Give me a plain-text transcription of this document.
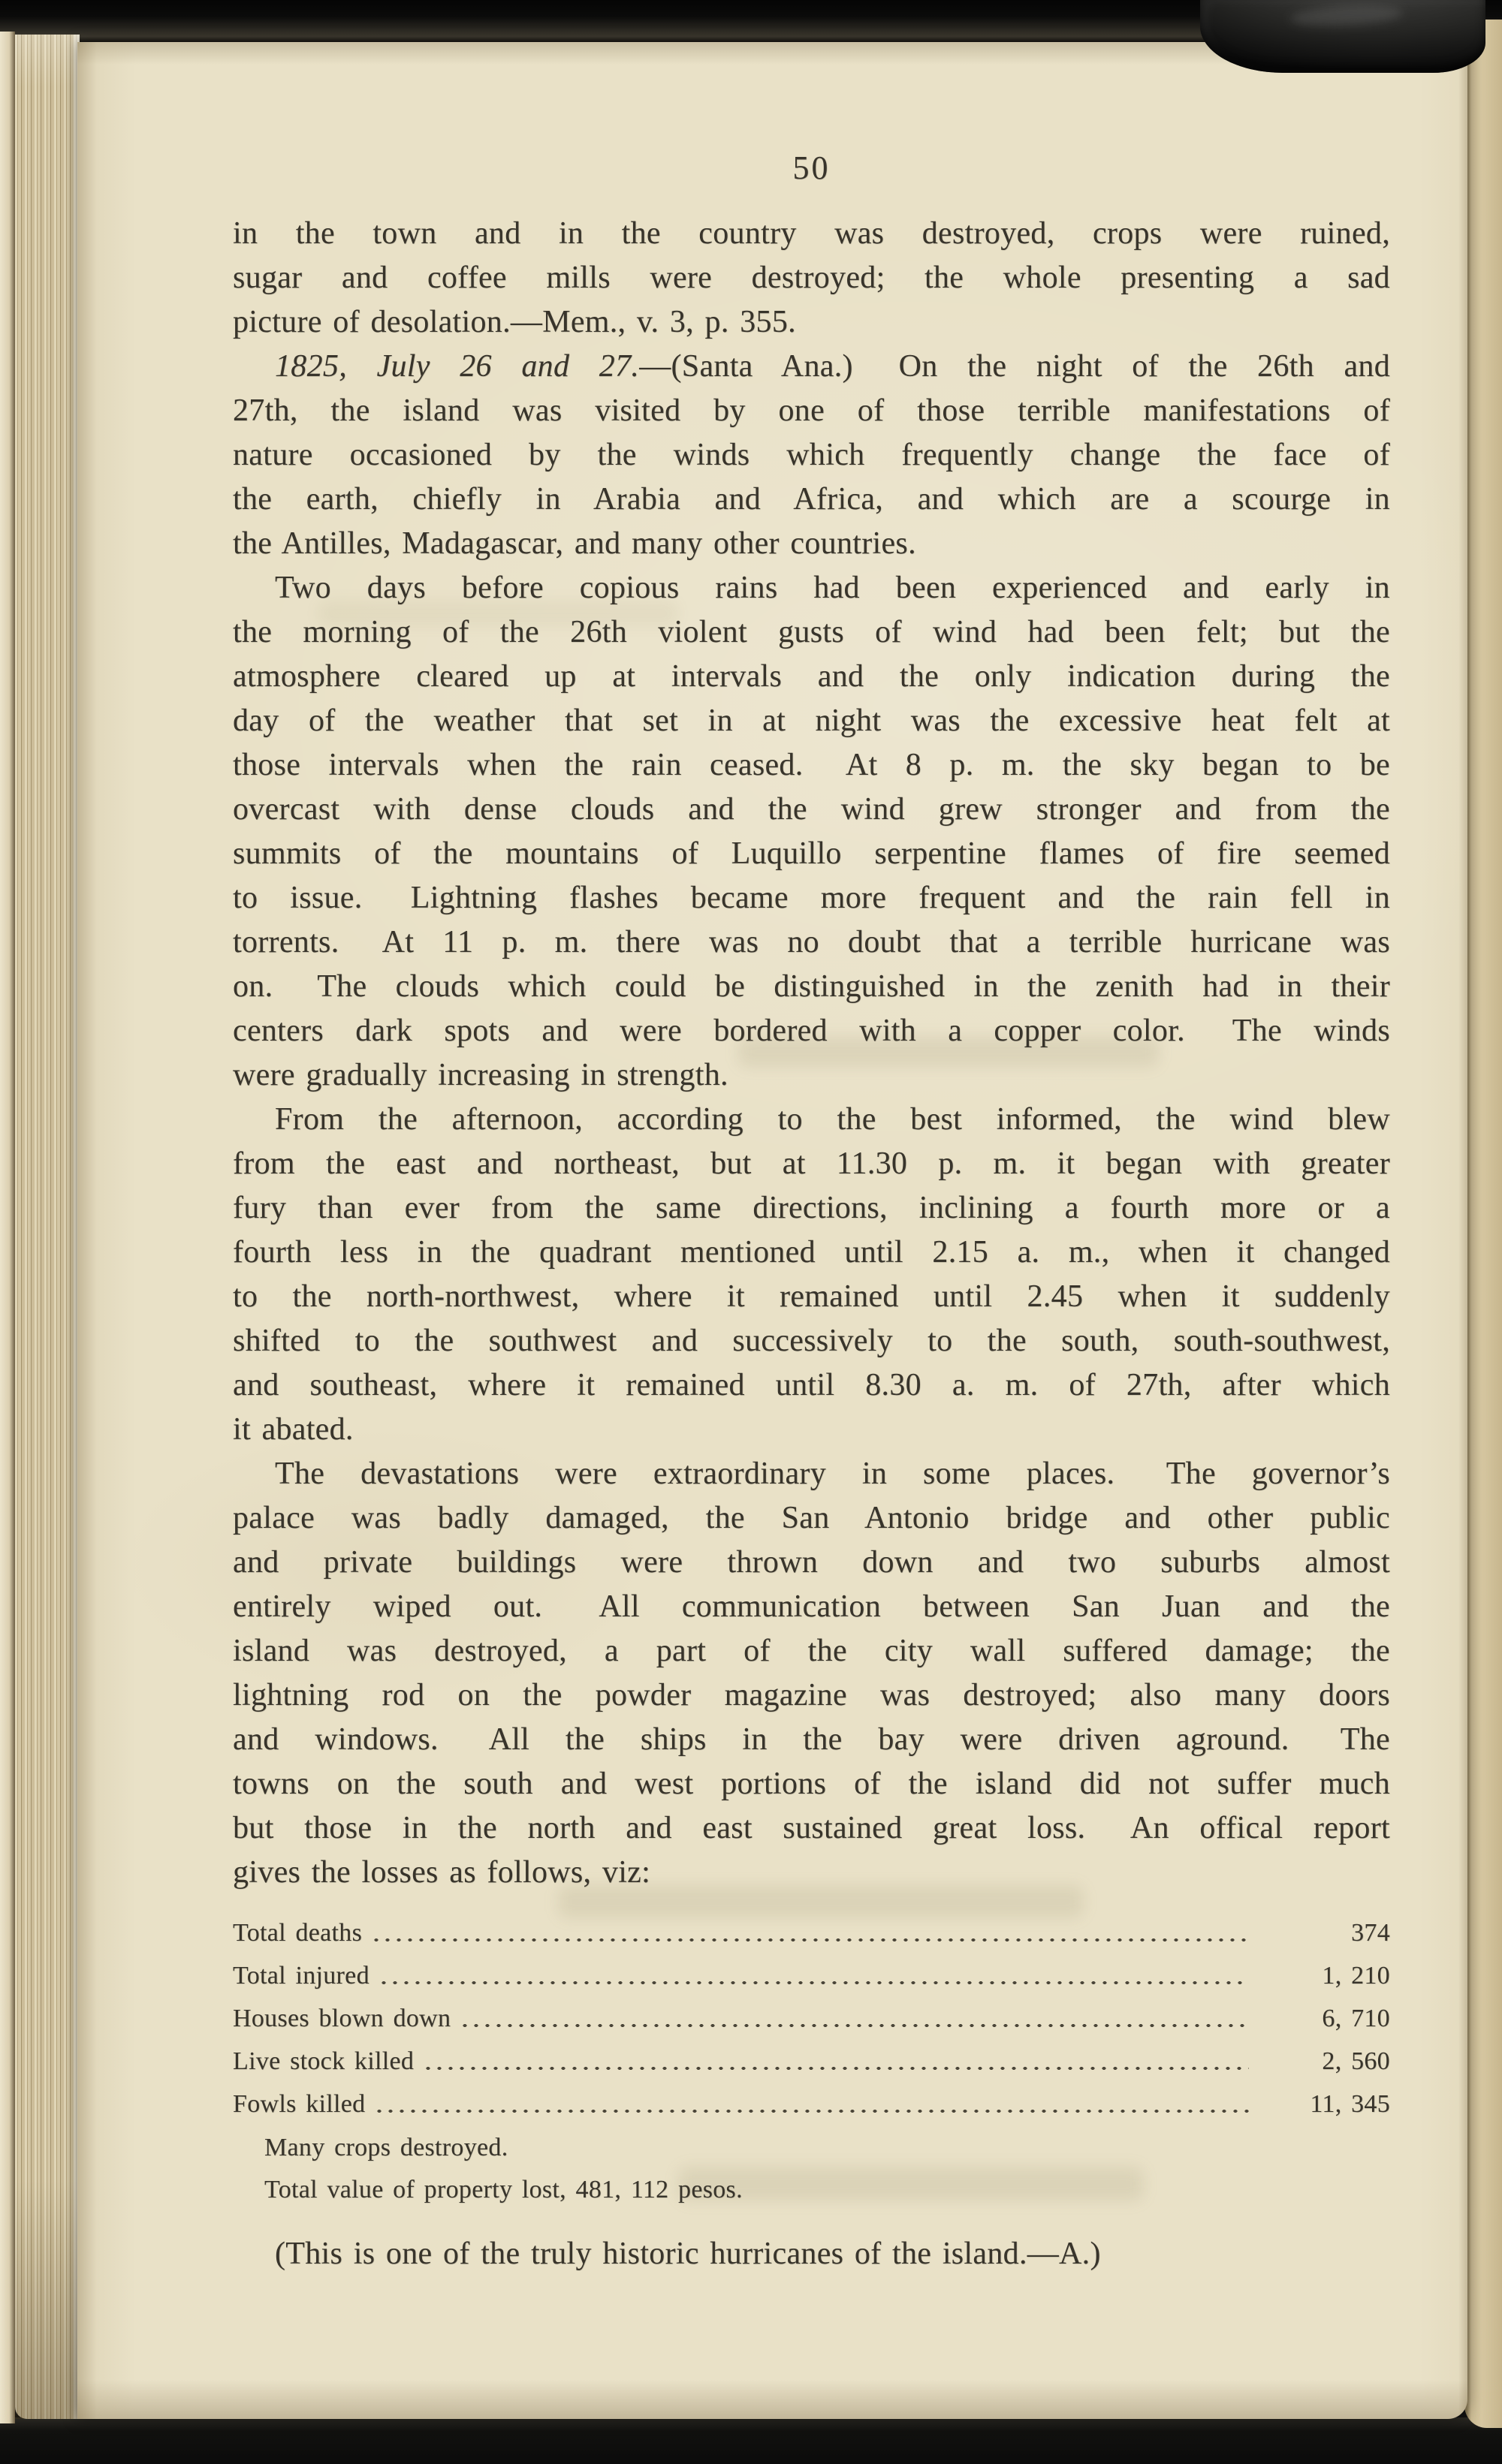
50
in the town and in the country was destroyed, crops were ruined,
sugar and coffee mills were destroyed; the whole presenting a sad
picture of desolation.—Mem., v. 3, p. 355.
1825, July 26 and 27.—(Santa Ana.)  On the night of the 26th and
27th, the island was visited by one of those terrible manifestations of
nature occasioned by the winds which frequently change the face of
the earth, chiefly in Arabia and Africa, and which are a scourge in
the Antilles, Madagascar, and many other countries.
Two days before copious rains had been experienced and early in
the morning of the 26th violent gusts of wind had been felt; but the
atmosphere cleared up at intervals and the only indication during the
day of the weather that set in at night was the excessive heat felt at
those intervals when the rain ceased.  At 8 p. m. the sky began to be
overcast with dense clouds and the wind grew stronger and from the
summits of the mountains of Luquillo serpentine flames of fire seemed
to issue.  Lightning flashes became more frequent and the rain fell in
torrents.  At 11 p. m. there was no doubt that a terrible hurricane was
on.  The clouds which could be distinguished in the zenith had in their
centers dark spots and were bordered with a copper color.  The winds
were gradually increasing in strength.
From the afternoon, according to the best informed, the wind blew
from the east and northeast, but at 11.30 p. m. it began with greater
fury than ever from the same directions, inclining a fourth more or a
fourth less in the quadrant mentioned until 2.15 a. m., when it changed
to the north-northwest, where it remained until 2.45 when it suddenly
shifted to the southwest and successively to the south, south-southwest,
and southeast, where it remained until 8.30 a. m. of 27th, after which
it abated.
The devastations were extraordinary in some places.  The governor’s
palace was badly damaged, the San Antonio bridge and other public
and private buildings were thrown down and two suburbs almost
entirely wiped out.  All communication between San Juan and the
island was destroyed, a part of the city wall suffered damage; the
lightning rod on the powder magazine was destroyed; also many doors
and windows.  All the ships in the bay were driven aground.  The
towns on the south and west portions of the island did not suffer much
but those in the north and east sustained great loss.  An offical report
gives the losses as follows, viz:
Total deaths	374
Total injured	1, 210
Houses blown down	6, 710
Live stock killed	2, 560
Fowls killed	11, 345
Many crops destroyed.
Total value of property lost, 481, 112 pesos.
(This is one of the truly historic hurricanes of the island.—A.)
